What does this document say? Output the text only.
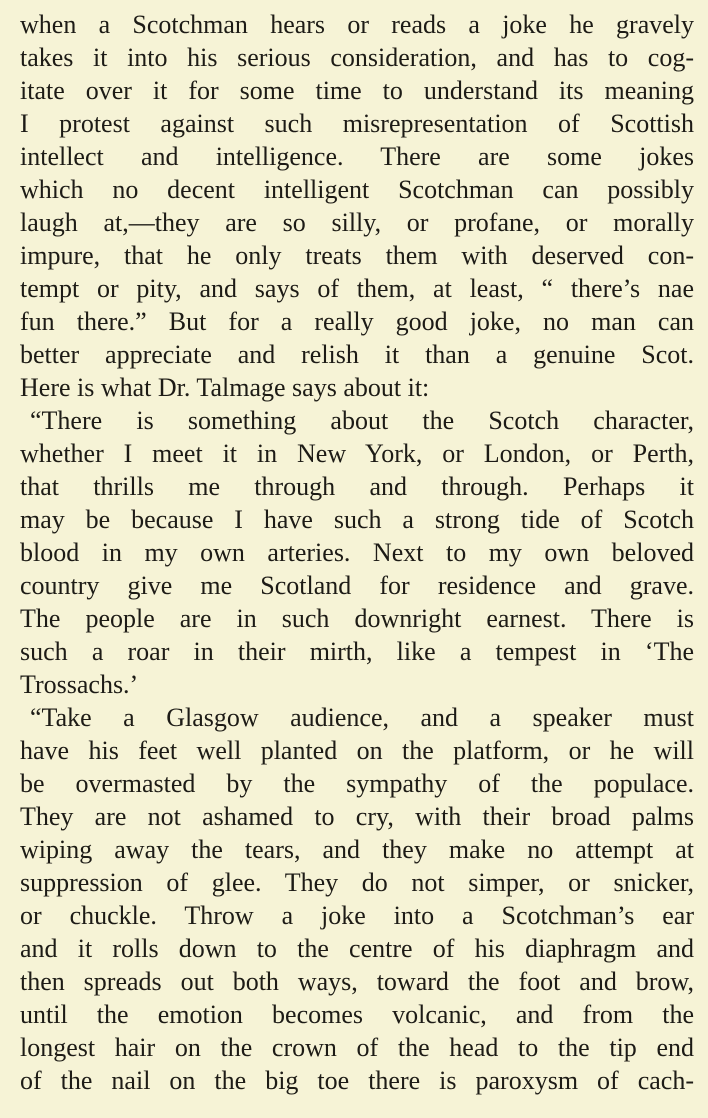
when a Scotchman hears or reads a joke he gravely
takes it into his serious consideration, and has to cog-
itate over it for some time to understand its meaning
I protest against such misrepresentation of Scottish
intellect and intelligence. There are some jokes
which no decent intelligent Scotchman can possibly
laugh at,—they are so silly, or profane, or morally
impure, that he only treats them with deserved con-
tempt or pity, and says of them, at least, “ there’s nae
fun there.” But for a really good joke, no man can
better appreciate and relish it than a genuine Scot.
Here is what Dr. Talmage says about it:
“There is something about the Scotch character,
whether I meet it in New York, or London, or Perth,
that thrills me through and through. Perhaps it
may be because I have such a strong tide of Scotch
blood in my own arteries. Next to my own beloved
country give me Scotland for residence and grave.
The people are in such downright earnest. There is
such a roar in their mirth, like a tempest in ‘The
Trossachs.’
“Take a Glasgow audience, and a speaker must
have his feet well planted on the platform, or he will
be overmasted by the sympathy of the populace.
They are not ashamed to cry, with their broad palms
wiping away the tears, and they make no attempt at
suppression of glee. They do not simper, or snicker,
or chuckle. Throw a joke into a Scotchman’s ear
and it rolls down to the centre of his diaphragm and
then spreads out both ways, toward the foot and brow,
until the emotion becomes volcanic, and from the
longest hair on the crown of the head to the tip end
of the nail on the big toe there is paroxysm of cach-
